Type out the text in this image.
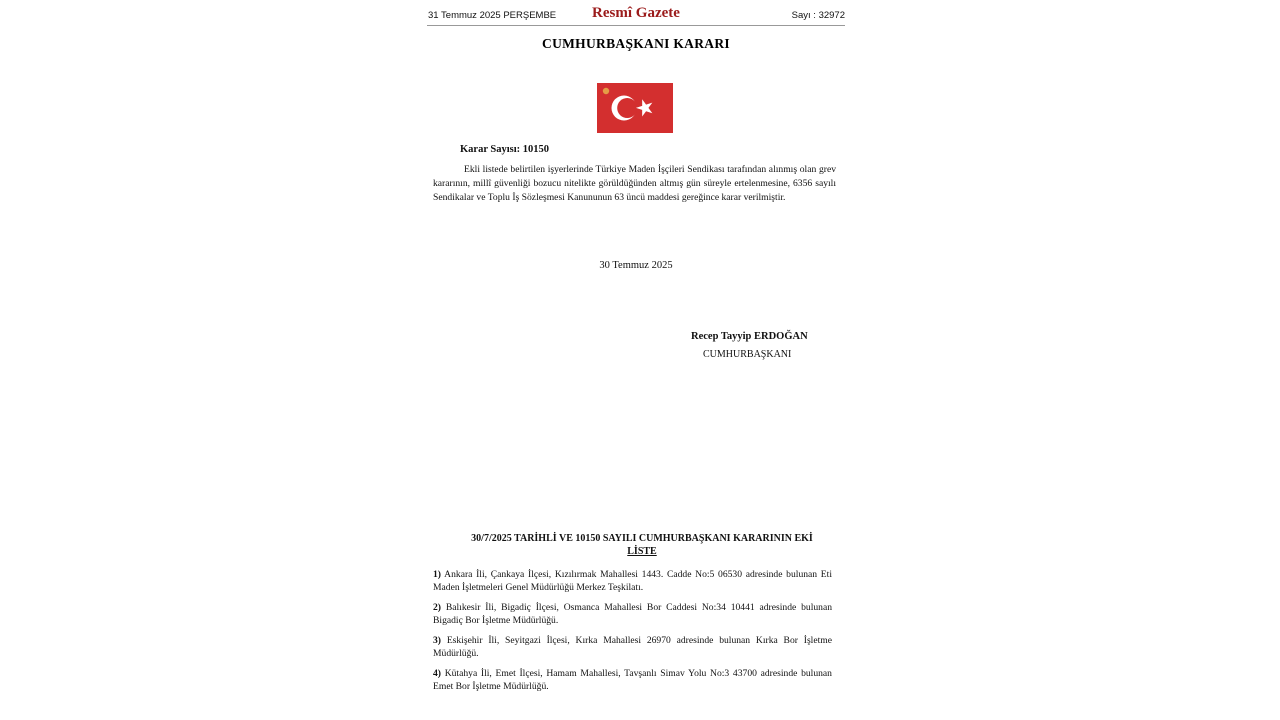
31 Temmuz 2025 PERŞEMBE	Resmî Gazete	Sayı : 32972
CUMHURBAŞKANI KARARI
Karar Sayısı: 10150

Ekli listede belirtilen işyerlerinde Türkiye Maden İşçileri Sendikası tarafından alınmış olan grev kararının, millî güvenliği bozucu nitelikte görüldüğünden altmış gün süreyle ertelenmesine, 6356 sayılı Sendikalar ve Toplu İş Sözleşmesi Kanununun 63 üncü maddesi gereğince karar verilmiştir.

30 Temmuz 2025
Recep Tayyip ERDOĞAN
CUMHURBAŞKANI
30/7/2025 TARİHLİ VE 10150 SAYILI CUMHURBAŞKANI KARARININ EKİ
LİSTE
1) Ankara İli, Çankaya İlçesi, Kızılırmak Mahallesi 1443. Cadde No:5 06530 adresinde bulunan Eti Maden İşletmeleri Genel Müdürlüğü Merkez Teşkilatı.
2) Balıkesir İli, Bigadiç İlçesi, Osmanca Mahallesi Bor Caddesi No:34 10441 adresinde bulunan Bigadiç Bor İşletme Müdürlüğü.
3) Eskişehir İli, Seyitgazi İlçesi, Kırka Mahallesi 26970 adresinde bulunan Kırka Bor İşletme Müdürlüğü.
4) Kütahya İli, Emet İlçesi, Hamam Mahallesi, Tavşanlı Simav Yolu No:3 43700 adresinde bulunan Emet Bor İşletme Müdürlüğü.
